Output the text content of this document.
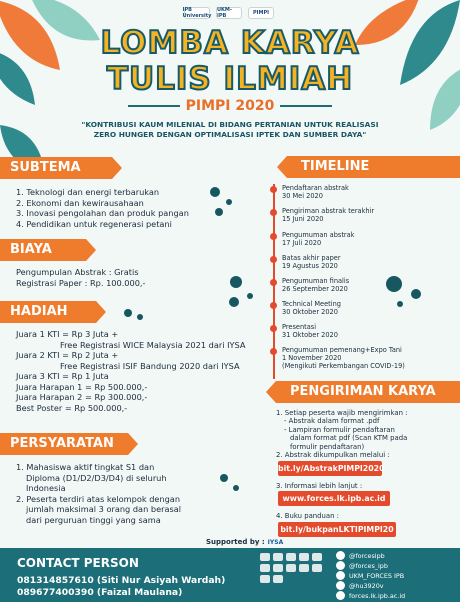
IPB University
UKM-IPB	PIMPI
LOMBA KARYA
TULIS ILMIAH
PIMPI 2020
"KONTRIBUSI KAUM MILENIAL DI BIDANG PERTANIAN UNTUK REALISASI ZERO HUNGER DENGAN OPTIMALISASI IPTEK DAN SUMBER DAYA"
SUBTEMA
1. Teknologi dan energi terbarukan
2. Ekonomi dan kewirausahaan
3. Inovasi pengolahan dan produk pangan
4. Pendidikan untuk regenerasi petani
BIAYA
Pengumpulan Abstrak : Gratis
Registrasi Paper : Rp. 100.000,-
HADIAH
Juara 1 KTI = Rp 3 Juta +
Free Registrasi WICE Malaysia 2021 dari IYSA
Juara 2 KTI = Rp 2 Juta +
Free Registrasi ISIF Bandung 2020 dari IYSA
Juara 3 KTI = Rp 1 Juta
Juara Harapan 1 = Rp 500.000,-
Juara Harapan 2 = Rp 300.000,-
Best Poster = Rp 500.000,-
PERSYARATAN
1. Mahasiswa aktif tingkat S1 dan
Diploma (D1/D2/D3/D4) di seluruh
Indonesia
2. Peserta terdiri atas kelompok dengan
jumlah maksimal 3 orang dan berasal
dari perguruan tinggi yang sama
TIMELINE
Pendaftaran abstrak
30 Mei 2020
Pengiriman abstrak terakhir
15 Juni 2020
Pengumuman abstrak
17 Juli 2020
Batas akhir paper
19 Agustus 2020
Pengumuman finalis
26 September 2020
Technical Meeting
30 Oktober 2020
Presentasi
31 Oktober 2020
Pengumuman pemenang+Expo Tani
1 November 2020
(Mengikuti Perkembangan COVID-19)
PENGIRIMAN KARYA
1. Setiap peserta wajib mengirimkan :
- Abstrak dalam format .pdf
- Lampiran formulir pendaftaran
dalam format pdf (Scan KTM pada
formulir pendaftaran)
2. Abstrak dikumpulkan melalui :
bit.ly/AbstrakPIMPI2020
3. Informasi lebih lanjut :
www.forces.lk.ipb.ac.id
4. Buku panduan :
bit.ly/bukpanLKTIPIMPI20
Supported by : IYSA
CONTACT PERSON
081314857610 (Siti Nur Asiyah Wardah)
089677400390 (Faizal Maulana)
@forcesipb
@forces_ipb
UKM_FORCES IPB
@hu3920v
forces.lk.ipb.ac.id
